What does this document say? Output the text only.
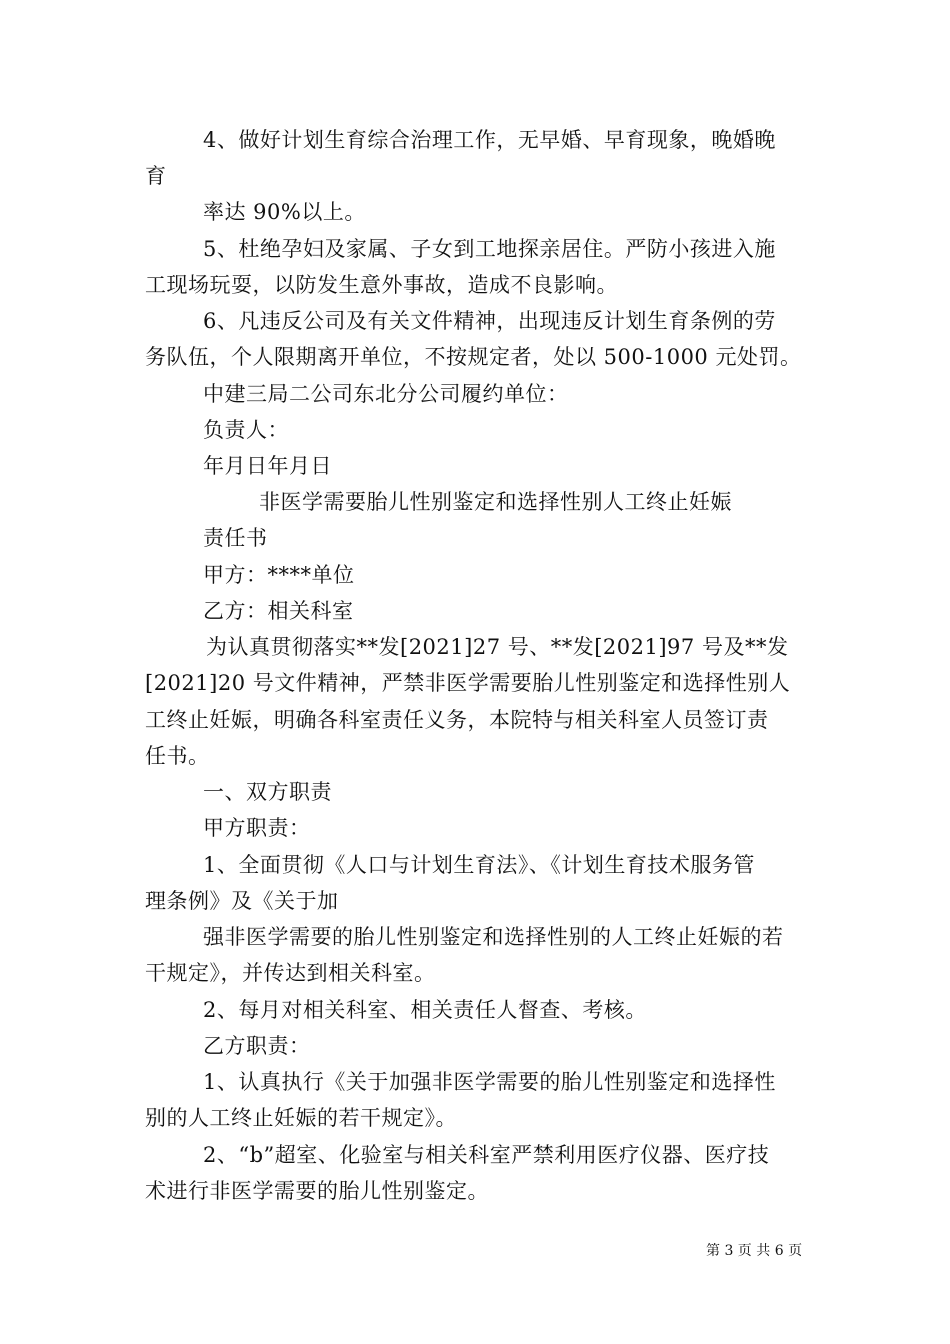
4、做好计划生育综合治理工作，无早婚、早育现象，晚婚晚
育
率达 90%以上。
5、杜绝孕妇及家属、子女到工地探亲居住。严防小孩进入施
工现场玩耍，以防发生意外事故，造成不良影响。
6、凡违反公司及有关文件精神，出现违反计划生育条例的劳
务队伍，个人限期离开单位，不按规定者，处以 500-1000 元处罚。
中建三局二公司东北分公司履约单位：
负责人：
年月日年月日
非医学需要胎儿性别鉴定和选择性别人工终止妊娠
责任书
甲方：****单位
乙方：相关科室
为认真贯彻落实**发[2021]27 号、**发[2021]97 号及**发
[2021]20 号文件精神，严禁非医学需要胎儿性别鉴定和选择性别人
工终止妊娠，明确各科室责任义务，本院特与相关科室人员签订责
任书。
一、双方职责
甲方职责：
1、全面贯彻《人口与计划生育法》、《计划生育技术服务管
理条例》及《关于加
强非医学需要的胎儿性别鉴定和选择性别的人工终止妊娠的若
干规定》，并传达到相关科室。
2、每月对相关科室、相关责任人督查、考核。
乙方职责：
1、认真执行《关于加强非医学需要的胎儿性别鉴定和选择性
别的人工终止妊娠的若干规定》。
2、“b”超室、化验室与相关科室严禁利用医疗仪器、医疗技
术进行非医学需要的胎儿性别鉴定。
第 3 页 共 6 页
